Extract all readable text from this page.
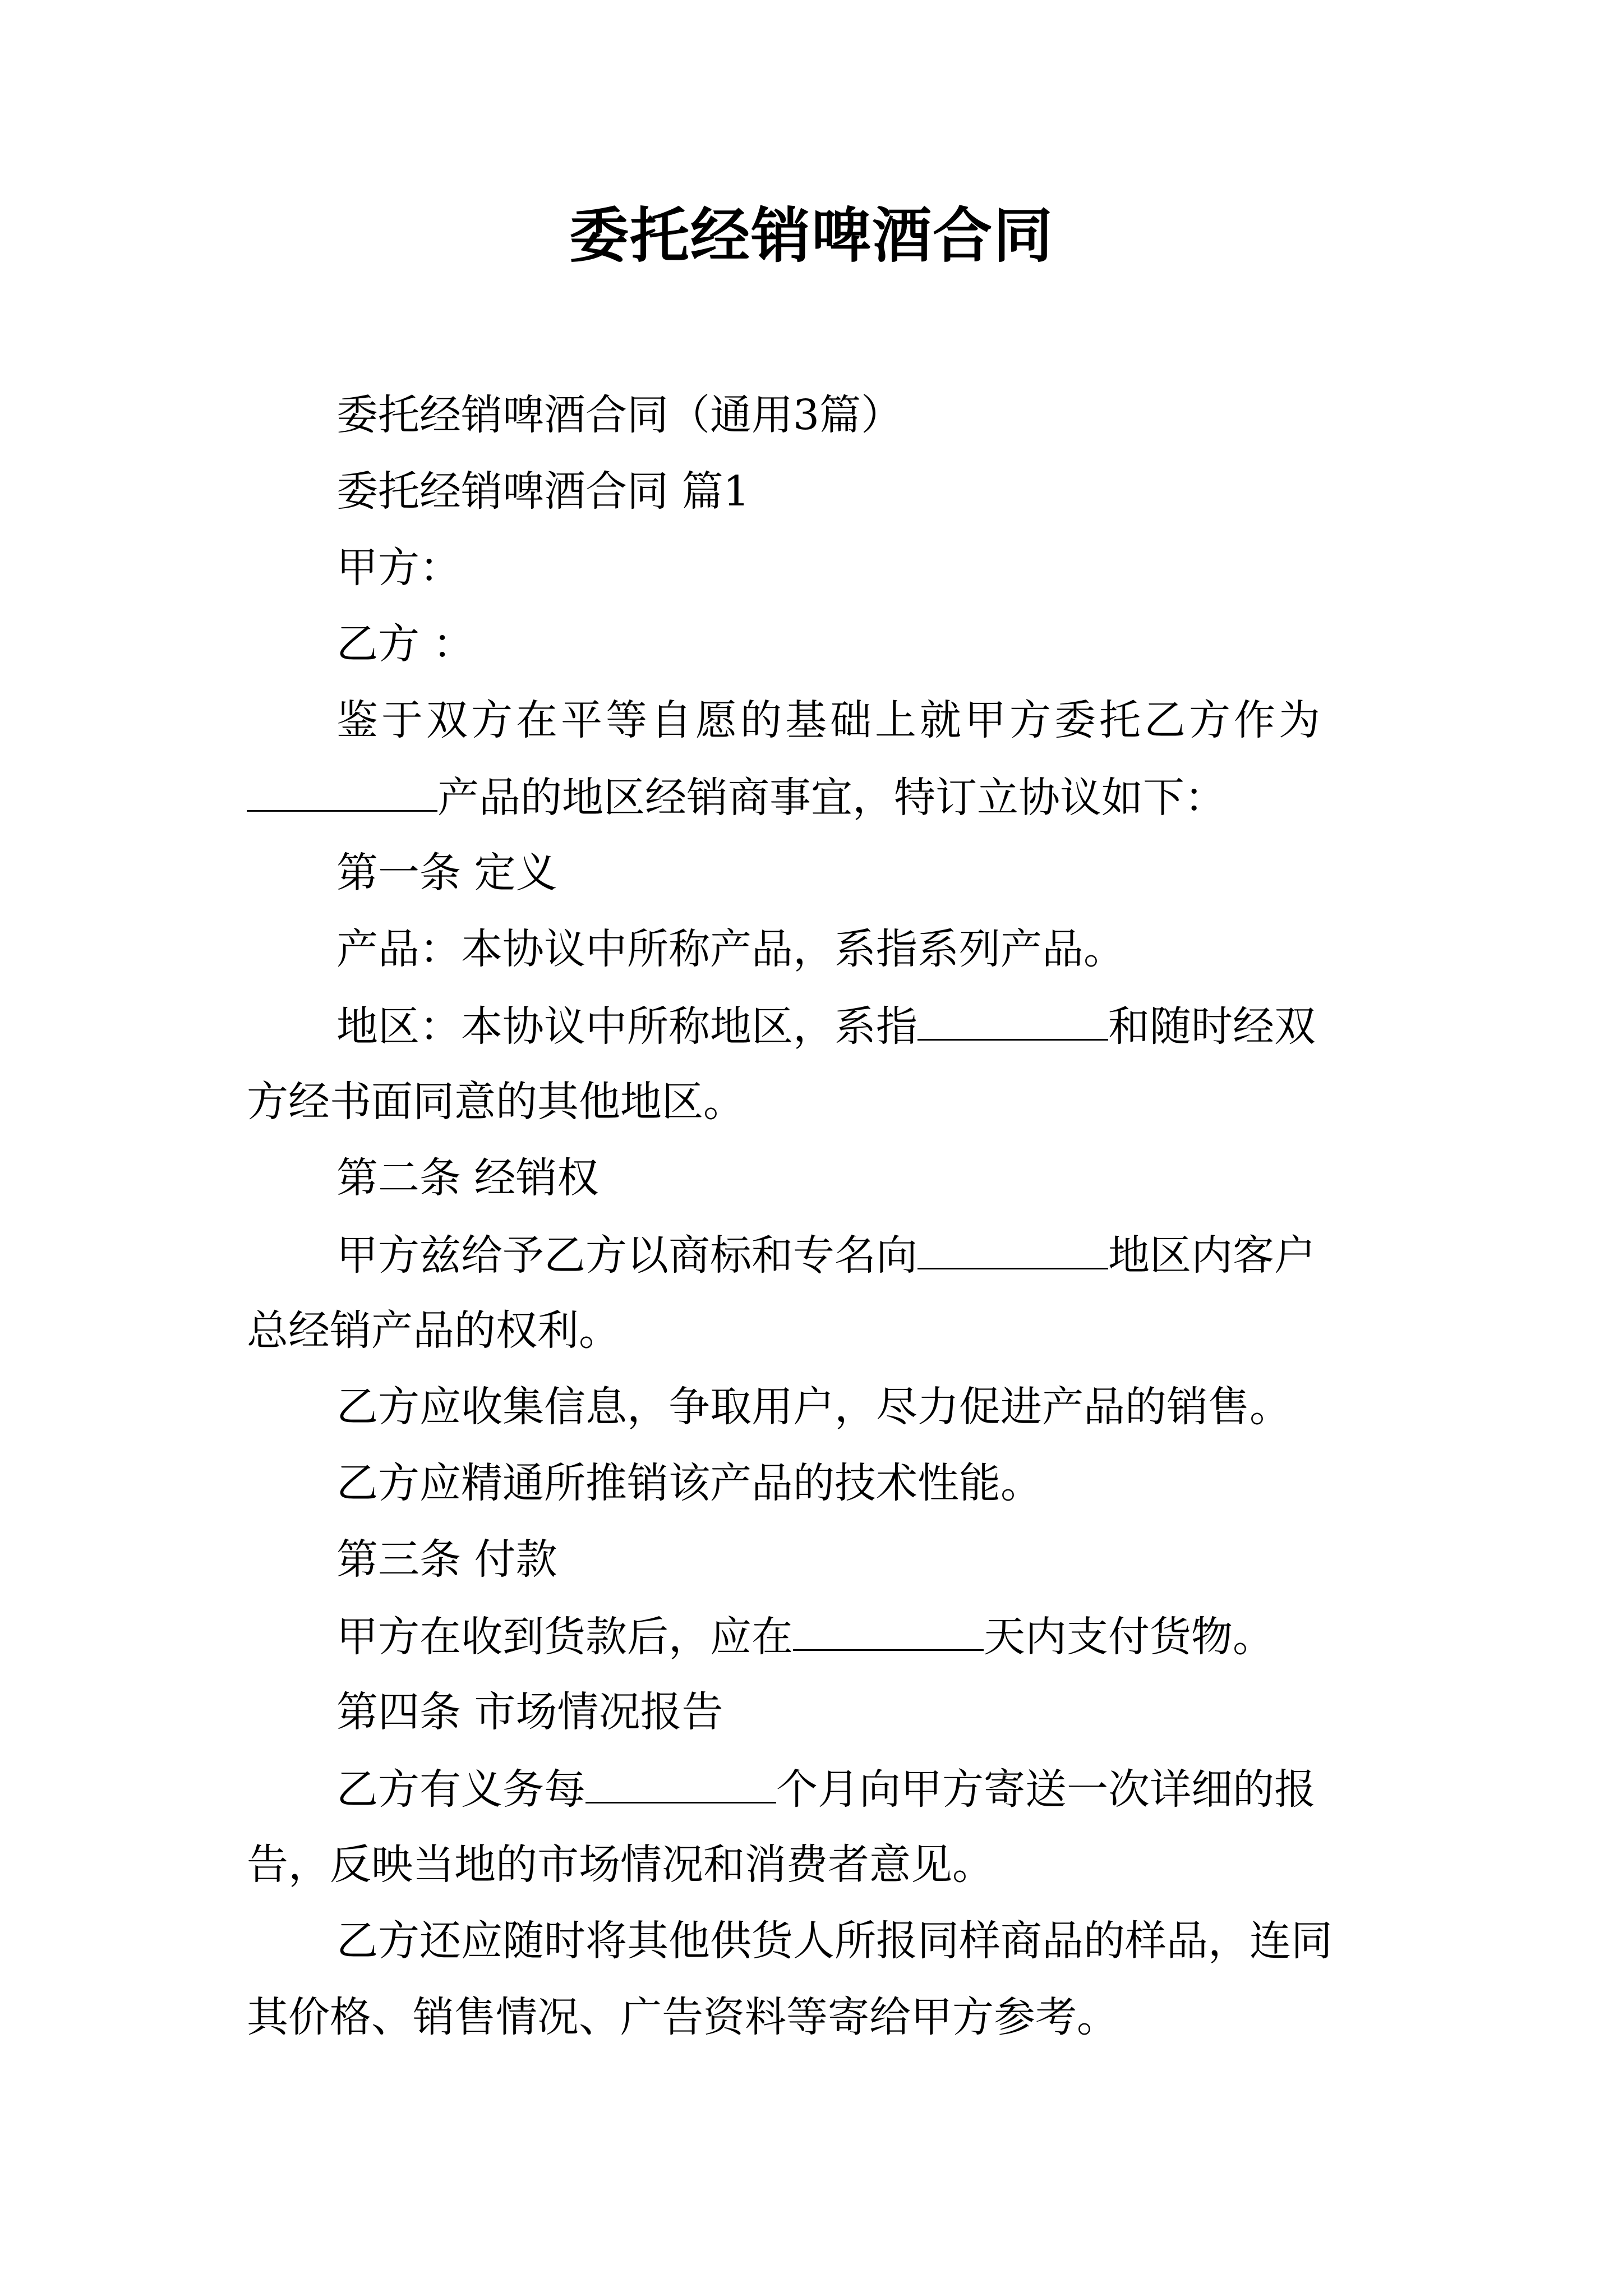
委托经销啤酒合同
委托经销啤酒合同（通用3篇）
委托经销啤酒合同 篇1
甲方：
乙方 ：
鉴于双方在平等自愿的基础上就甲方委托乙方作为
产品的地区经销商事宜，特订立协议如下：
第一条 定义
产品：本协议中所称产品，系指系列产品。
地区：本协议中所称地区，系指	和随时经双
方经书面同意的其他地区。
第二条 经销权
甲方兹给予乙方以商标和专名向	地区内客户
总经销产品的权利。
乙方应收集信息，争取用户，尽力促进产品的销售。
乙方应精通所推销该产品的技术性能。
第三条 付款
甲方在收到货款后，应在	天内支付货物。
第四条 市场情况报告
乙方有义务每	个月向甲方寄送一次详细的报
告，反映当地的市场情况和消费者意见。
乙方还应随时将其他供货人所报同样商品的样品，连同
其价格、销售情况、广告资料等寄给甲方参考。
